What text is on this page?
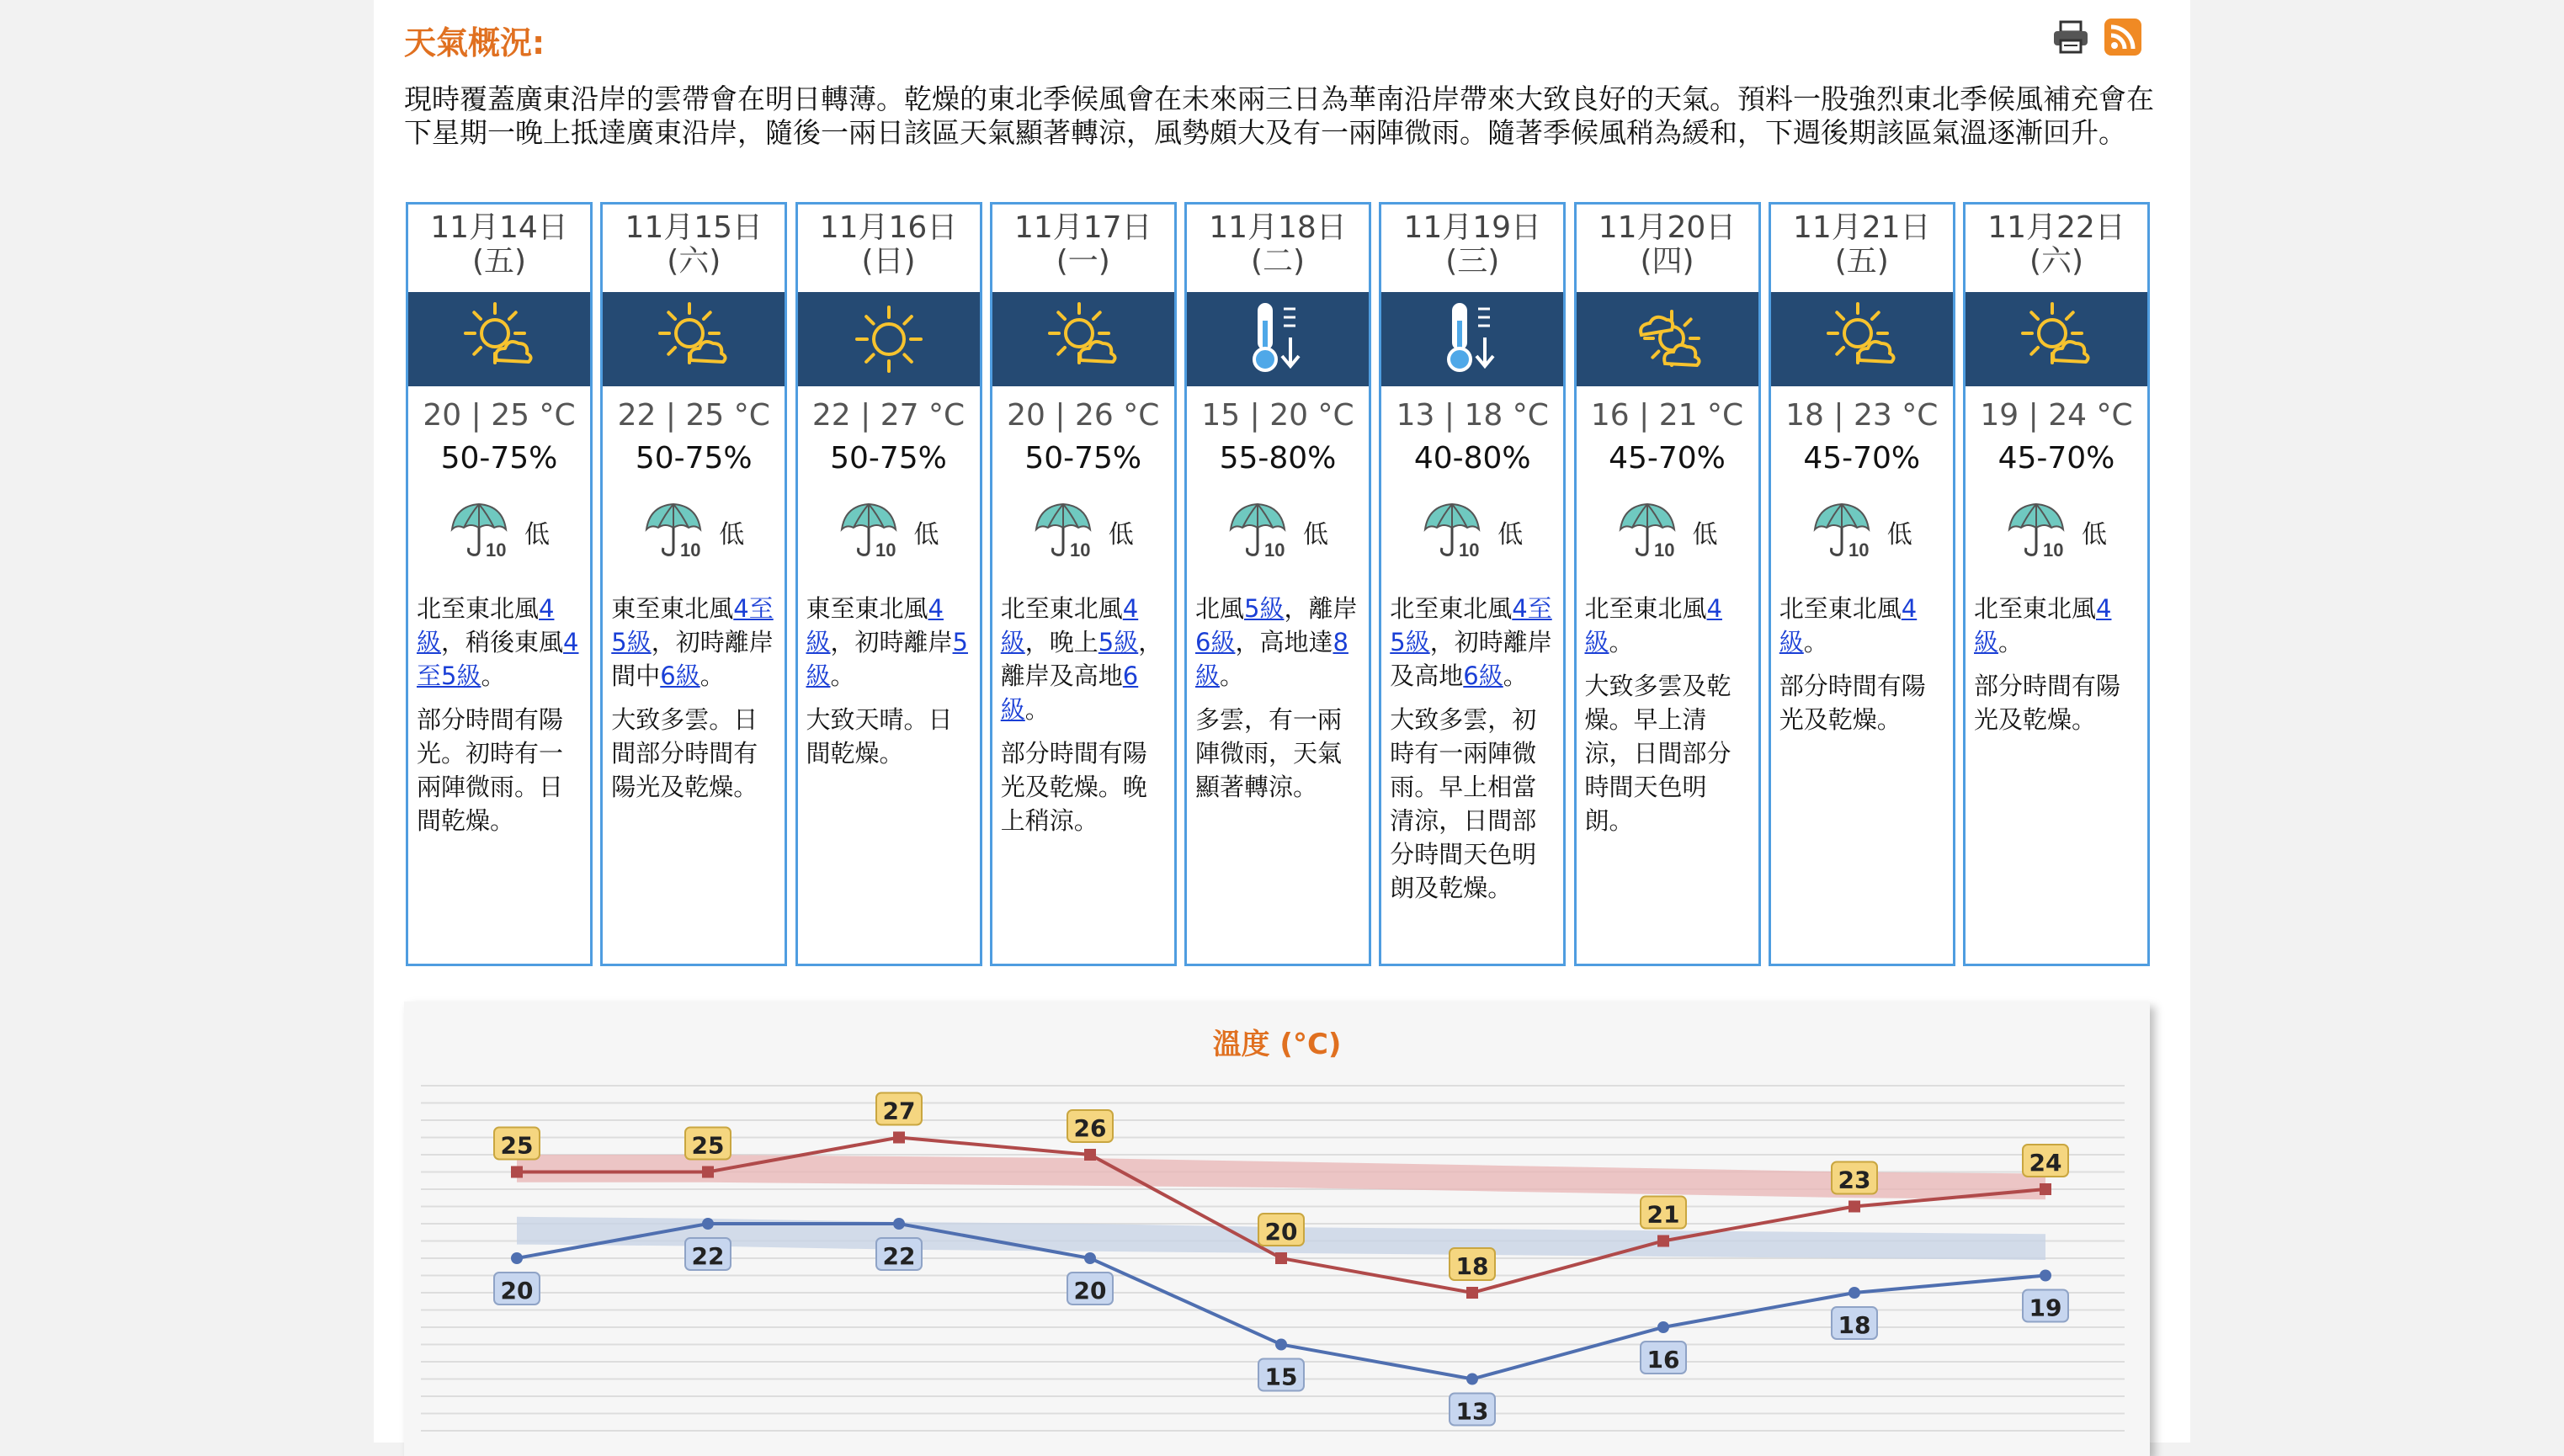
天氣概況:
現時覆蓋廣東沿岸的雲帶會在明日轉薄。乾燥的東北季候風會在未來兩三日為華南沿岸帶來大致良好的天氣。預料一股強烈東北季候風補充會在下星期一晚上抵達廣東沿岸，隨後一兩日該區天氣顯著轉涼，風勢頗大及有一兩陣微雨。隨著季候風稍為緩和，下週後期該區氣溫逐漸回升。
11月14日
(五)
20 | 25 °C
50-75%
10
低
北至東北風4級，稍後東風4至5級。
部分時間有陽光。初時有一兩陣微雨。日間乾燥。
11月15日
(六)
22 | 25 °C
50-75%
10
低
東至東北風4至5級，初時離岸間中6級。
大致多雲。日間部分時間有陽光及乾燥。
11月16日
(日)
22 | 27 °C
50-75%
10
低
東至東北風4級，初時離岸5級。
大致天晴。日間乾燥。
11月17日
(一)
20 | 26 °C
50-75%
10
低
北至東北風4級，晚上5級，離岸及高地6級。
部分時間有陽光及乾燥。晚上稍涼。
11月18日
(二)
15 | 20 °C
55-80%
10
低
北風5級，離岸6級，高地達8級。
多雲，有一兩陣微雨，天氣顯著轉涼。
11月19日
(三)
13 | 18 °C
40-80%
10
低
北至東北風4至5級，初時離岸及高地6級。
大致多雲，初時有一兩陣微雨。早上相當清涼，日間部分時間天色明朗及乾燥。
11月20日
(四)
16 | 21 °C
45-70%
10
低
北至東北風4級。
大致多雲及乾燥。早上清涼，日間部分時間天色明朗。
11月21日
(五)
18 | 23 °C
45-70%
10
低
北至東北風4級。
部分時間有陽光及乾燥。
11月22日
(六)
19 | 24 °C
45-70%
10
低
北至東北風4級。
部分時間有陽光及乾燥。
溫度 (°C)
25	25
27
26
20
18
21
23
24
20
22	22
20
15
13
16
18
19
